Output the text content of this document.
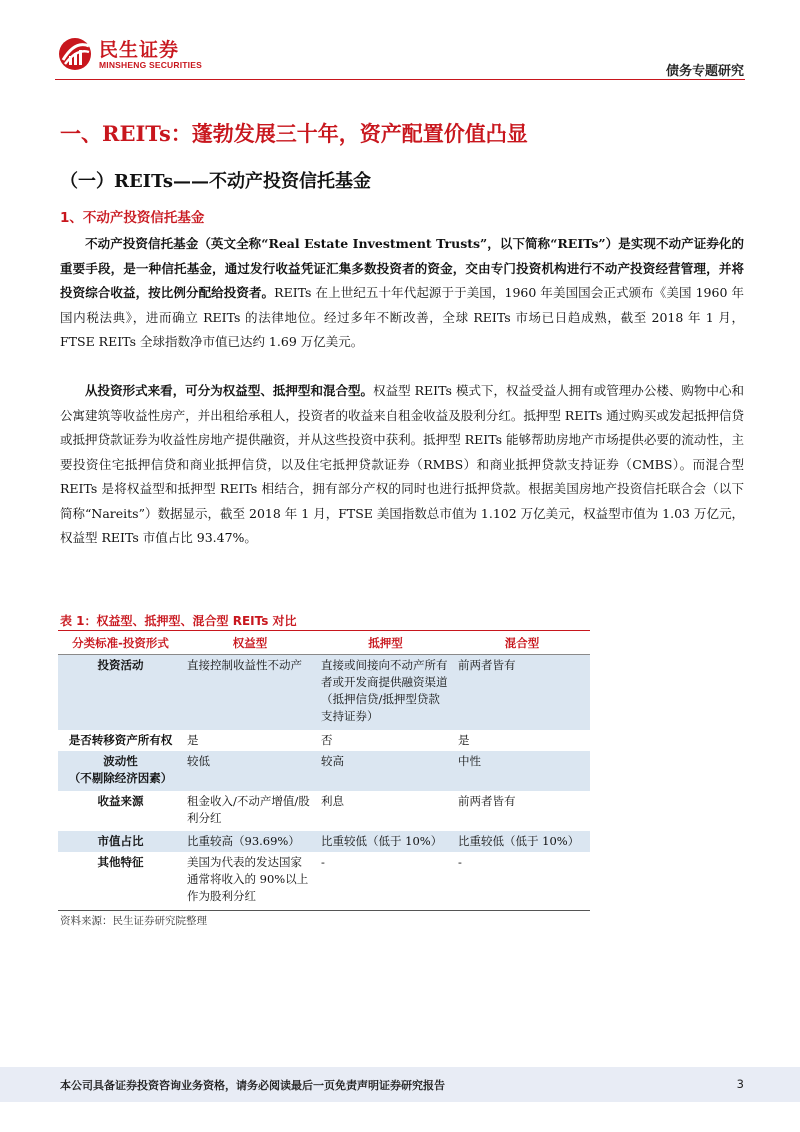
民生证券
MINSHENG SECURITIES	债务专题研究
一、REITs：蓬勃发展三十年，资产配置价值凸显
（一）REITs——不动产投资信托基金
1、不动产投资信托基金
不动产投资信托基金（英文全称“Real Estate Investment Trusts”，以下简称“REITs”）是实现不动产证券化的重要手段，是一种信托基金，通过发行收益凭证汇集多数投资者的资金，交由专门投资机构进行不动产投资经营管理，并将投资综合收益，按比例分配给投资者。REITs 在上世纪五十年代起源于于美国，1960 年美国国会正式颁布《美国 1960 年国内税法典》，进而确立 REITs 的法律地位。经过多年不断改善，全球 REITs 市场已日趋成熟，截至 2018 年 1 月，FTSE REITs 全球指数净市值已达约 1.69 万亿美元。
从投资形式来看，可分为权益型、抵押型和混合型。权益型 REITs 模式下，权益受益人拥有或管理办公楼、购物中心和公寓建筑等收益性房产，并出租给承租人，投资者的收益来自租金收益及股利分红。抵押型 REITs 通过购买或发起抵押信贷或抵押贷款证券为收益性房地产提供融资，并从这些投资中获利。抵押型 REITs 能够帮助房地产市场提供必要的流动性，主要投资住宅抵押信贷和商业抵押信贷，以及住宅抵押贷款证券（RMBS）和商业抵押贷款支持证券（CMBS）。而混合型 REITs 是将权益型和抵押型 REITs 相结合，拥有部分产权的同时也进行抵押贷款。根据美国房地产投资信托联合会（以下简称“Nareits”）数据显示，截至 2018 年 1 月，FTSE 美国指数总市值为 1.102 万亿美元，权益型市值为 1.03 万亿元，权益型 REITs 市值占比 93.47%。
表 1：权益型、抵押型、混合型 REITs 对比
分类标准-投资形式	权益型	抵押型	混合型
投资活动	直接控制收益性不动产	直接或间接向不动产所有者或开发商提供融资渠道（抵押信贷/抵押型贷款支持证券）	前两者皆有
是否转移资产所有权	是	否	是
波动性
（不剔除经济因素）	较低	较高	中性
收益来源	租金收入/不动产增值/股利分红	利息	前两者皆有
市值占比	比重较高（93.69%）	比重较低（低于 10%）	比重较低（低于 10%）
其他特征	美国为代表的发达国家通常将收入的 90%以上作为股利分红	-	-
资料来源：民生证券研究院整理
本公司具备证券投资咨询业务资格，请务必阅读最后一页免责声明证券研究报告	3
